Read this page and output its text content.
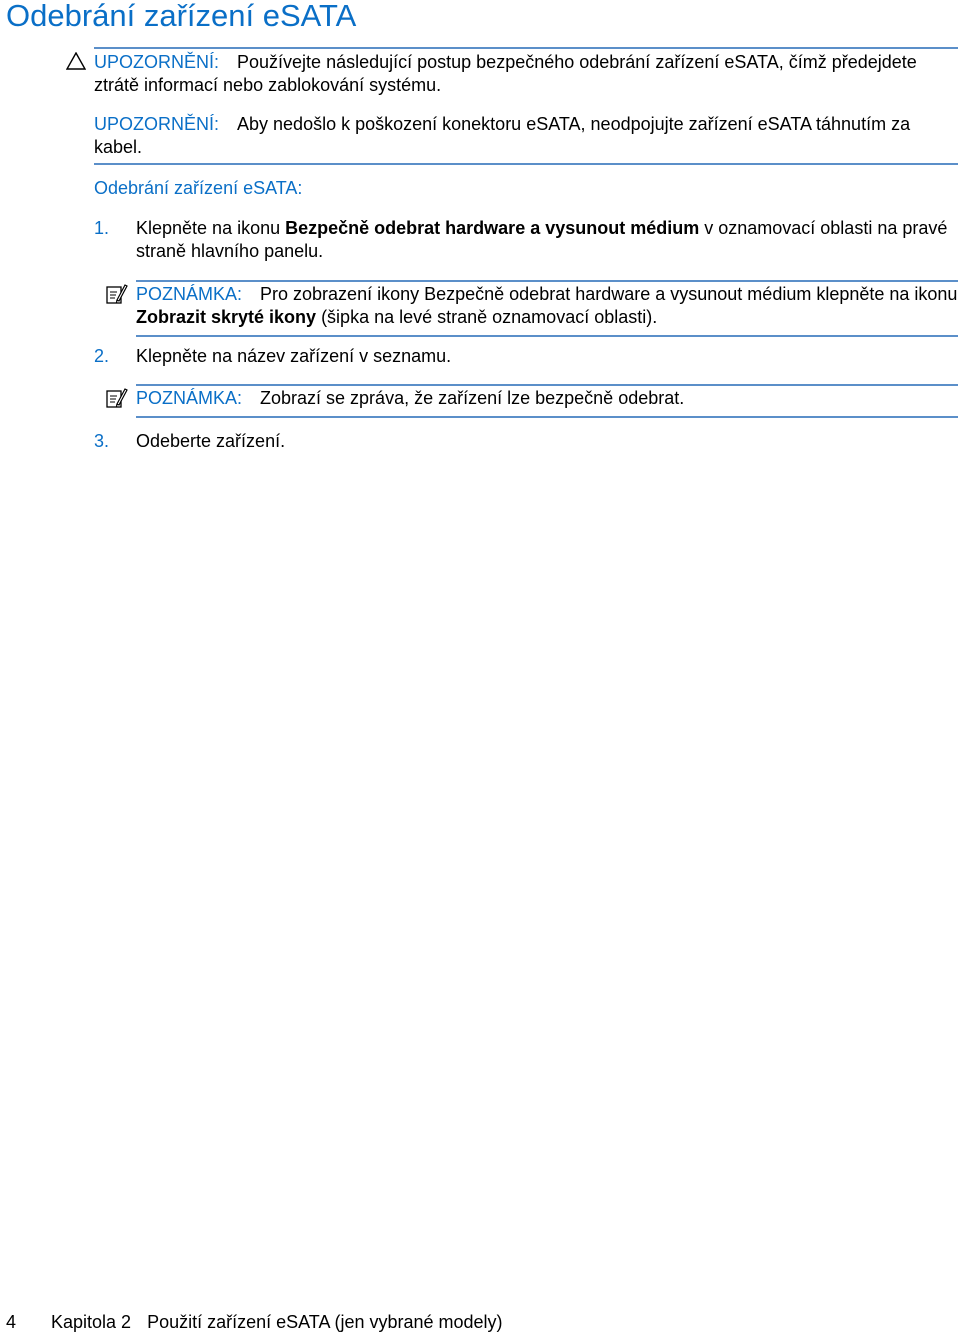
Odebrání zařízení eSATA
UPOZORNĚNÍ: Používejte následující postup bezpečného odebrání zařízení eSATA, čímž předejdete ztrátě informací nebo zablokování systému.
UPOZORNĚNÍ: Aby nedošlo k poškození konektoru eSATA, neodpojujte zařízení eSATA táhnutím za kabel.
Odebrání zařízení eSATA:
1. Klepněte na ikonu Bezpečně odebrat hardware a vysunout médium v oznamovací oblasti na pravé straně hlavního panelu.
POZNÁMKA: Pro zobrazení ikony Bezpečně odebrat hardware a vysunout médium klepněte na ikonu Zobrazit skryté ikony (šipka na levé straně oznamovací oblasti).
2. Klepněte na název zařízení v seznamu.
POZNÁMKA: Zobrazí se zpráva, že zařízení lze bezpečně odebrat.
3. Odeberte zařízení.
4 Kapitola 2 Použití zařízení eSATA (jen vybrané modely)
